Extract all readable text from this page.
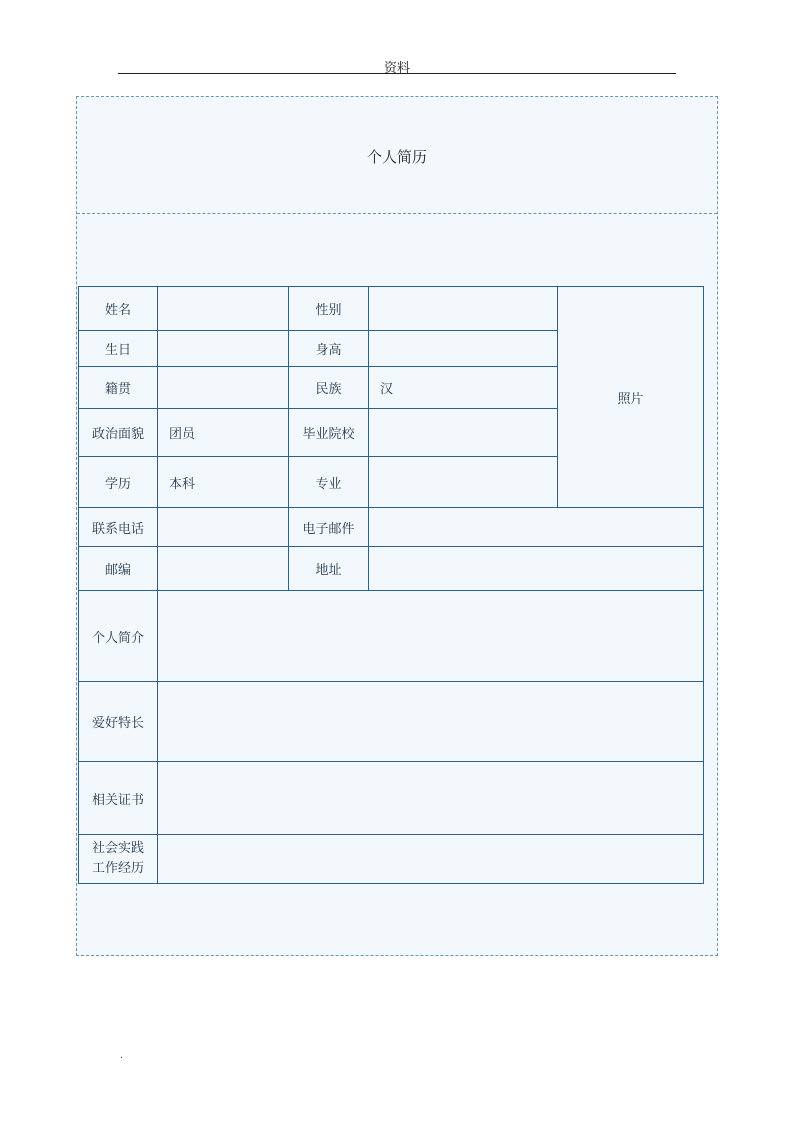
资料
个人简历
姓名		性别		照片
生日		身高		
籍贯		民族	汉	
政治面貌	团员	毕业院校		
学历	本科	专业		
联系电话		电子邮件		
邮编		地址		
个人简介				
爱好特长				
相关证书				

社会实践
工作经历				

.
